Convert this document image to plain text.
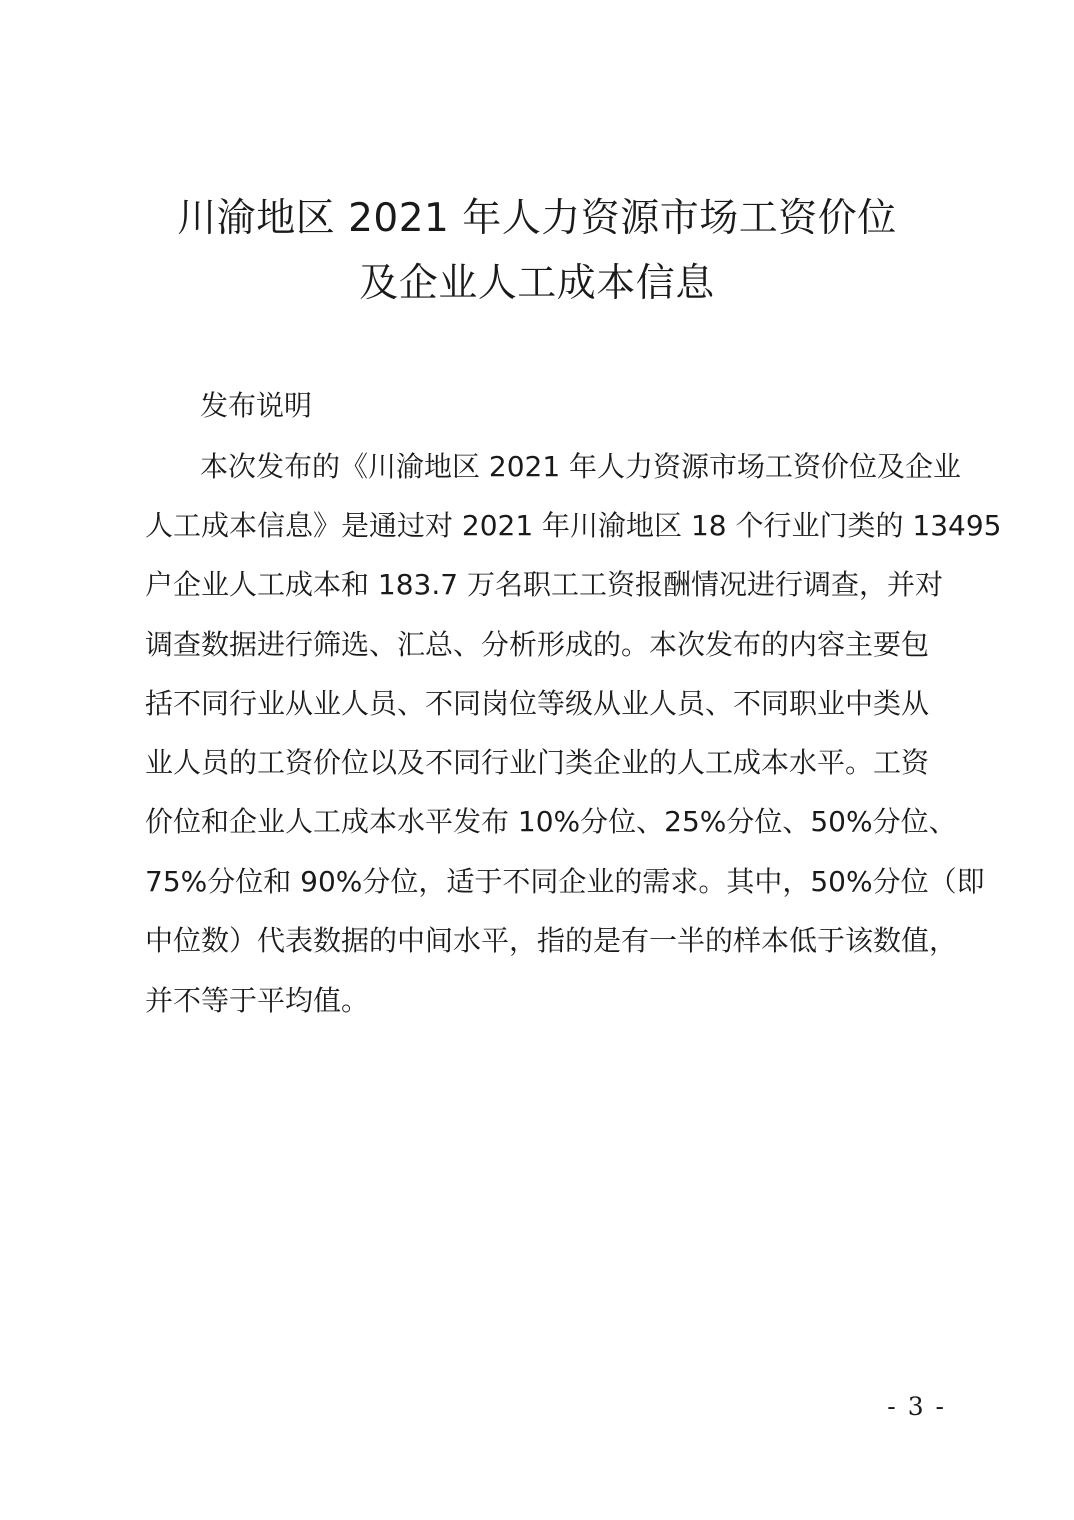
川渝地区 2021 年人力资源市场工资价位
及企业人工成本信息

发布说明

本次发布的《川渝地区 2021 年人力资源市场工资价位及企业

人工成本信息》是通过对 2021 年川渝地区 18 个行业门类的 13495

户企业人工成本和 183.7 万名职工工资报酬情况进行调查，并对

调查数据进行筛选、汇总、分析形成的。本次发布的内容主要包

括不同行业从业人员、不同岗位等级从业人员、不同职业中类从

业人员的工资价位以及不同行业门类企业的人工成本水平。工资

价位和企业人工成本水平发布 10%分位、25%分位、50%分位、

75%分位和 90%分位，适于不同企业的需求。其中，50%分位（即

中位数）代表数据的中间水平，指的是有一半的样本低于该数值，

并不等于平均值。

- 3 -
